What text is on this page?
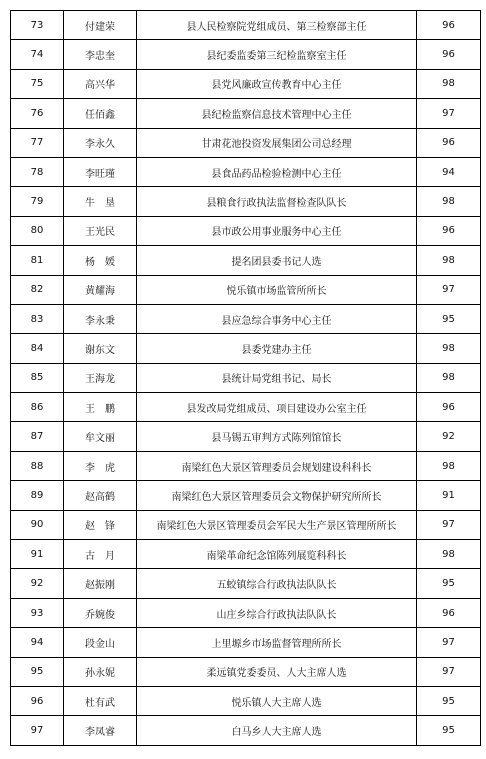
73	付建荣	县人民检察院党组成员、第三检察部主任	96
74	李忠奎	县纪委监委第三纪检监察室主任	96
75	高兴华	县党风廉政宣传教育中心主任	98
76	任佰鑫	县纪检监察信息技术管理中心主任	97
77	李永久	甘肃花池投资发展集团公司总经理	96
78	李旺瑾	县食品药品检验检测中心主任	94
79	牛　垦	县粮食行政执法监督检查队队长	98
80	王光民	县市政公用事业服务中心主任	96
81	杨　媛	提名团县委书记人选	98
82	黄耀海	悦乐镇市场监管所所长	97
83	李永秉	县应急综合事务中心主任	95
84	谢东文	县委党建办主任	98
85	王海龙	县统计局党组书记、局长	98
86	王　鹏	县发改局党组成员、项目建设办公室主任	96
87	牟文丽	县马锡五审判方式陈列馆馆长	92
88	李　虎	南梁红色大景区管理委员会规划建设科科长	98
89	赵高鹤	南梁红色大景区管理委员会文物保护研究所所长	91
90	赵　锋	南梁红色大景区管理委员会军民大生产景区管理所所长	97
91	古　月	南梁革命纪念馆陈列展览科科长	98
92	赵振刚	五蛟镇综合行政执法队队长	95
93	乔婉俊	山庄乡综合行政执法队队长	96
94	段金山	上里塬乡市场监督管理所所长	97
95	孙永妮	柔远镇党委委员、人大主席人选	97
96	杜有武	悦乐镇人大主席人选	95
97	李凤睿	白马乡人大主席人选	95
